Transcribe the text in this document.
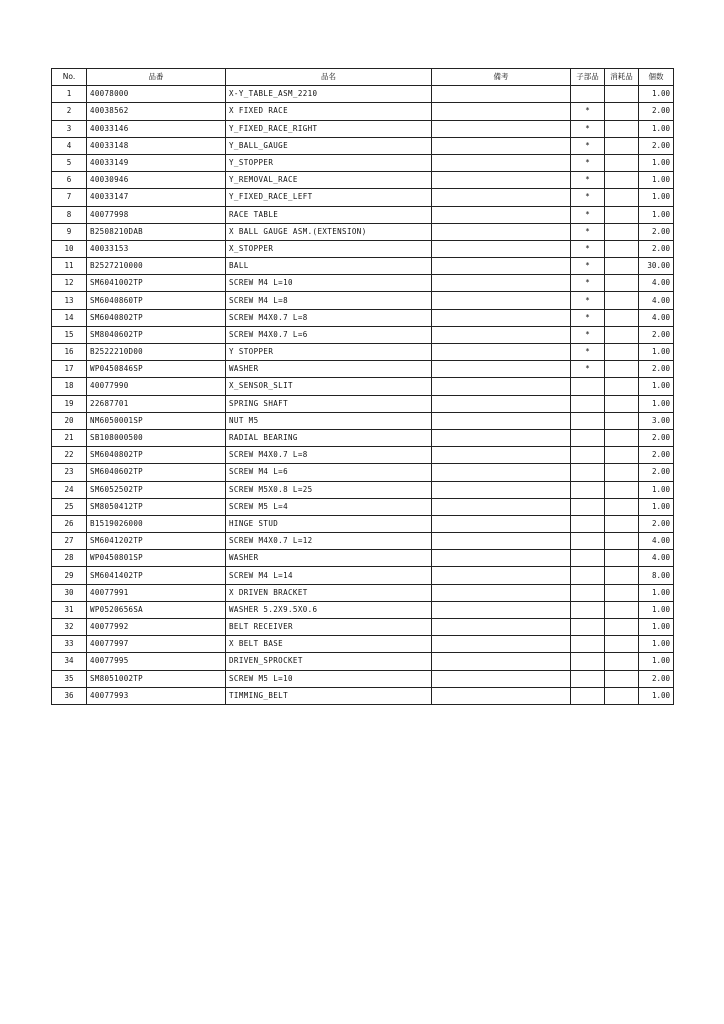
No.	品番	品名	備考	子部品	消耗品	個数
1	40078000	X-Y_TABLE_ASM_2210				1.00
2	40038562	X FIXED RACE		*		2.00
3	40033146	Y_FIXED_RACE_RIGHT		*		1.00
4	40033148	Y_BALL_GAUGE		*		2.00
5	40033149	Y_STOPPER		*		1.00
6	40030946	Y_REMOVAL_RACE		*		1.00
7	40033147	Y_FIXED_RACE_LEFT		*		1.00
8	40077998	RACE TABLE		*		1.00
9	B2508210DAB	X BALL GAUGE ASM.(EXTENSION)		*		2.00
10	40033153	X_STOPPER		*		2.00
11	B2527210000	BALL		*		30.00
12	SM6041002TP	SCREW M4 L=10		*		4.00
13	SM6040860TP	SCREW M4 L=8		*		4.00
14	SM6040802TP	SCREW M4X0.7 L=8		*		4.00
15	SM8040602TP	SCREW M4X0.7 L=6		*		2.00
16	B2522210D00	Y STOPPER		*		1.00
17	WP0450846SP	WASHER		*		2.00
18	40077990	X_SENSOR_SLIT				1.00
19	22687701	SPRING SHAFT				1.00
20	NM6050001SP	NUT M5				3.00
21	SB108000500	RADIAL BEARING				2.00
22	SM6040802TP	SCREW M4X0.7 L=8				2.00
23	SM6040602TP	SCREW M4 L=6				2.00
24	SM6052502TP	SCREW M5X0.8 L=25				1.00
25	SM8050412TP	SCREW M5 L=4				1.00
26	B1519026000	HINGE STUD				2.00
27	SM6041202TP	SCREW M4X0.7 L=12				4.00
28	WP0450801SP	WASHER				4.00
29	SM6041402TP	SCREW M4 L=14				8.00
30	40077991	X DRIVEN BRACKET				1.00
31	WP0520656SA	WASHER 5.2X9.5X0.6				1.00
32	40077992	BELT RECEIVER				1.00
33	40077997	X BELT BASE				1.00
34	40077995	DRIVEN_SPROCKET				1.00
35	SM8051002TP	SCREW M5 L=10				2.00
36	40077993	TIMMING_BELT				1.00
